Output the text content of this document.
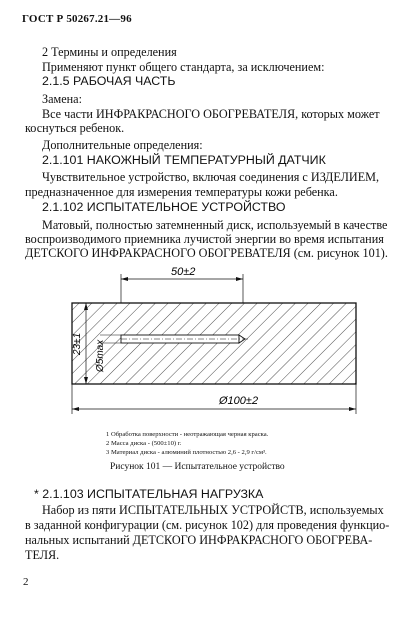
ГОСТ Р 50267.21—96
2 Термины и определения
Применяют пункт общего стандарта, за исключением:
2.1.5 РАБОЧАЯ ЧАСТЬ
Замена:
Все части ИНФРАКРАСНОГО ОБОГРЕВАТЕЛЯ, которых может
коснуться ребенок.
Дополнительные определения:
2.1.101 НАКОЖНЫЙ ТЕМПЕРАТУРНЫЙ ДАТЧИК
Чувствительное устройство, включая соединения с ИЗДЕЛИЕМ,
предназначенное для измерения температуры кожи ребенка.
2.1.102 ИСПЫТАТЕЛЬНОЕ УСТРОЙСТВО
Матовый, полностью затемненный диск, используемый в качестве
воспроизводимого приемника лучистой энергии во время испытания
ДЕТСКОГО ИНФРАКРАСНОГО ОБОГРЕВАТЕЛЯ (см. рисунок 101).
* 2.1.103 ИСПЫТАТЕЛЬНАЯ НАГРУЗКА
Набор из пяти ИСПЫТАТЕЛЬНЫХ УСТРОЙСТВ, используемых
в заданной конфигурации (см. рисунок 102) для проведения функцио-
нальных испытаний ДЕТСКОГО ИНФРАКРАСНОГО ОБОГРЕВА-
ТЕЛЯ.
50±2
23±1 Ø5max
Ø100±2
1 Обработка поверхности - неотражающая черная краска.
2 Масса диска - (500±10) г.
3 Материал диска - алюминий плотностью 2,6 - 2,9 г/см³.
Рисунок 101 — Испытательное устройство
2
